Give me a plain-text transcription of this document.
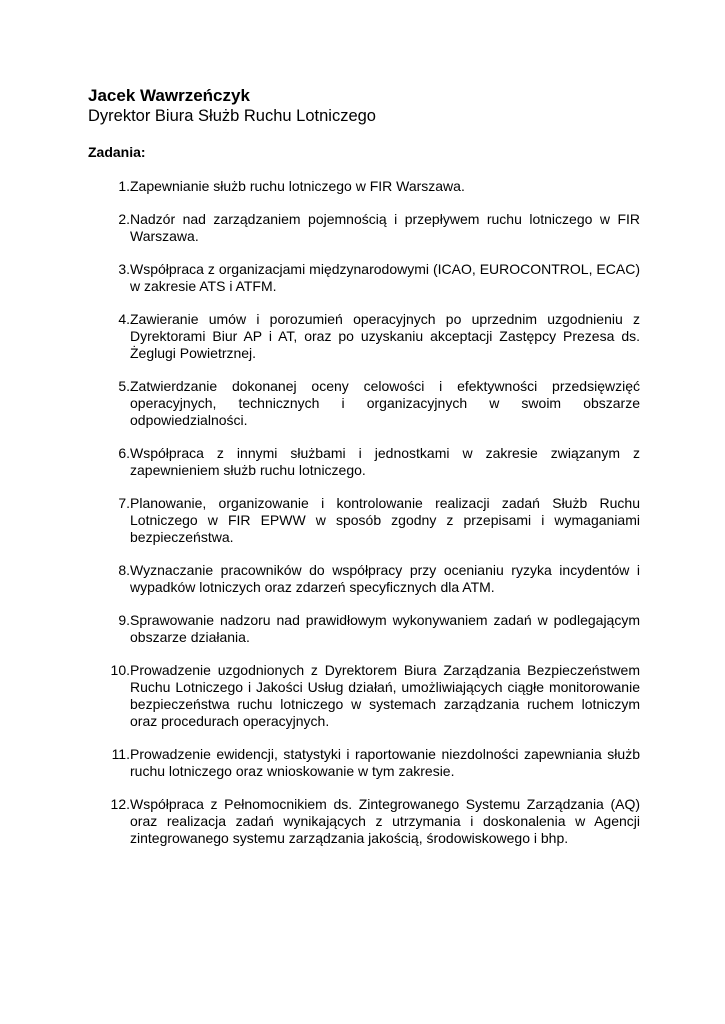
Jacek Wawrzeńczyk
Dyrektor Biura Służb Ruchu Lotniczego
Zadania:
1. Zapewnianie służb ruchu lotniczego w FIR Warszawa.
2. Nadzór nad zarządzaniem pojemnością i przepływem ruchu lotniczego w FIR Warszawa.
3. Współpraca z organizacjami międzynarodowymi (ICAO, EUROCONTROL, ECAC) w zakresie ATS i ATFM.
4. Zawieranie umów i porozumień operacyjnych po uprzednim uzgodnieniu z Dyrektorami Biur AP i AT, oraz po uzyskaniu akceptacji Zastępcy Prezesa ds. Żeglugi Powietrznej.
5. Zatwierdzanie dokonanej oceny celowości i efektywności przedsięwzięć operacyjnych, technicznych i organizacyjnych w swoim obszarze odpowiedzialności.
6. Współpraca z innymi służbami i jednostkami w zakresie związanym z zapewnieniem służb ruchu lotniczego.
7. Planowanie, organizowanie i kontrolowanie realizacji zadań Służb Ruchu Lotniczego w FIR EPWW w sposób zgodny z przepisami i wymaganiami bezpieczeństwa.
8. Wyznaczanie pracowników do współpracy przy ocenianiu ryzyka incydentów i wypadków lotniczych oraz zdarzeń specyficznych dla ATM.
9. Sprawowanie nadzoru nad prawidłowym wykonywaniem zadań w podlegającym obszarze działania.
10. Prowadzenie uzgodnionych z Dyrektorem Biura Zarządzania Bezpieczeństwem Ruchu Lotniczego i Jakości Usług działań, umożliwiających ciągłe monitorowanie bezpieczeństwa ruchu lotniczego w systemach zarządzania ruchem lotniczym oraz procedurach operacyjnych.
11. Prowadzenie ewidencji, statystyki i raportowanie niezdolności zapewniania służb ruchu lotniczego oraz wnioskowanie w tym zakresie.
12. Współpraca z Pełnomocnikiem ds. Zintegrowanego Systemu Zarządzania (AQ) oraz realizacja zadań wynikających z utrzymania i doskonalenia w Agencji zintegrowanego systemu zarządzania jakością, środowiskowego i bhp.
